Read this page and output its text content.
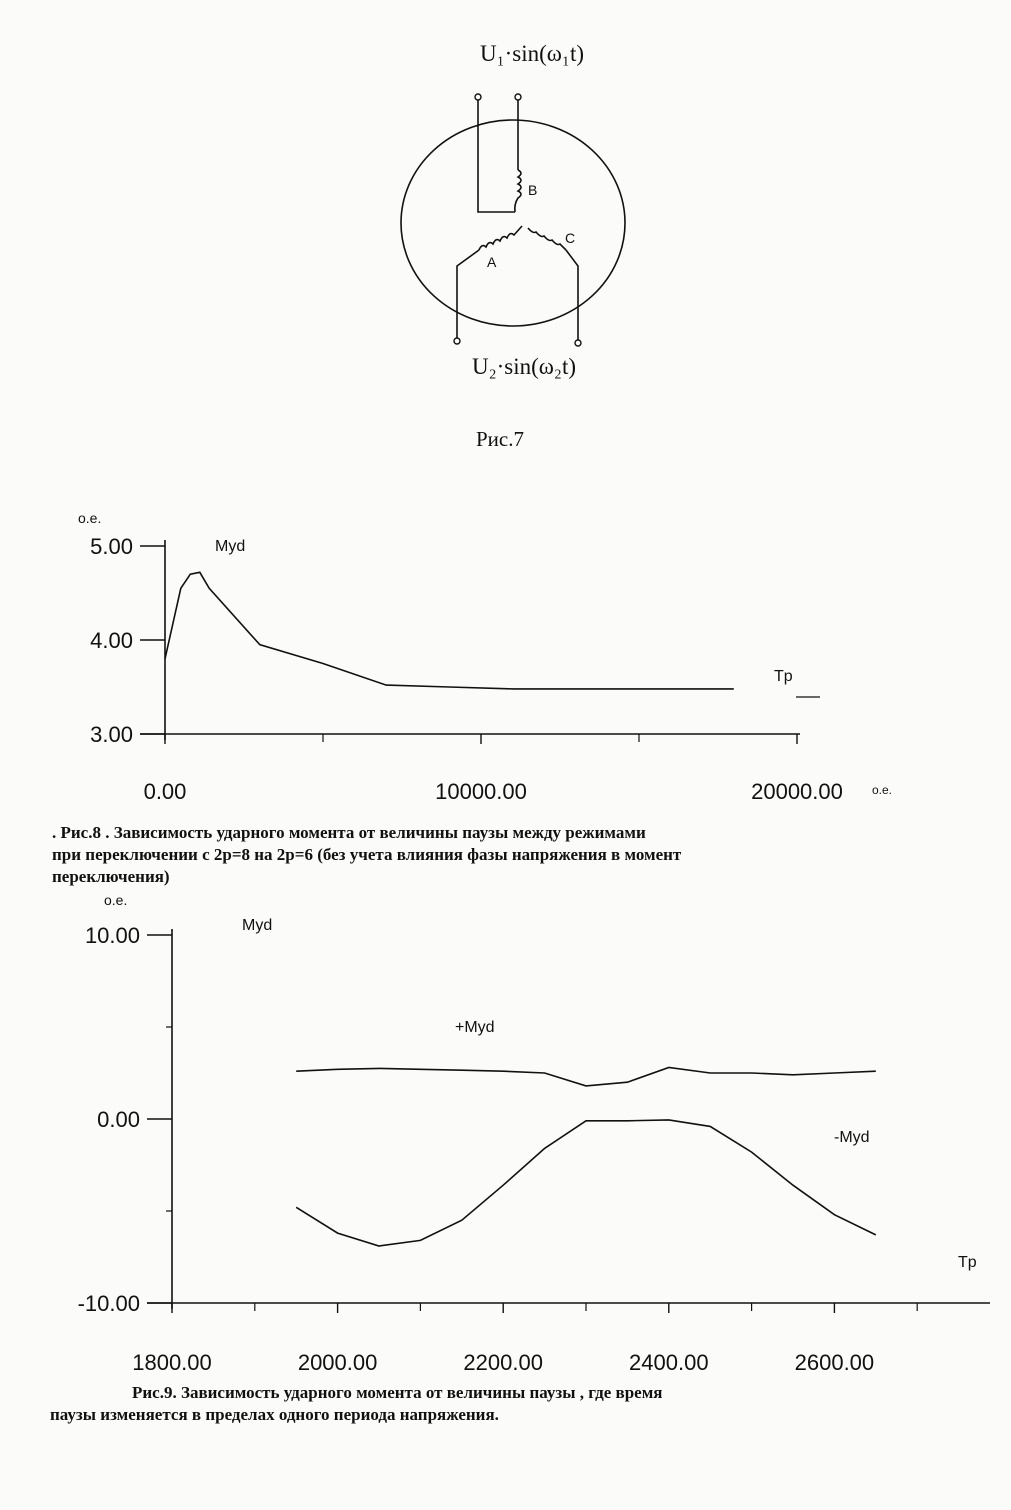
U₁·sin(ω₁t)
U₂·sin(ω₂t)
A
B
C
Рис.7
o.e.
Myd
Tp
o.e.
5.00
4.00
3.00
0.00	10000.00	20000.00
o.e.
Myd
Tp
+Myd
-Myd
10.00
0.00
-10.00
1800.00	2000.00	2200.00	2400.00	2600.00
. Рис.8 . Зависимость ударного момента от величины паузы между режимами
при переключении с 2р=8 на 2р=6 (без учета влияния фазы напряжения в момент
переключения)
Рис.9. Зависимость ударного момента от величины паузы , где время
паузы изменяется в пределах одного периода напряжения.
